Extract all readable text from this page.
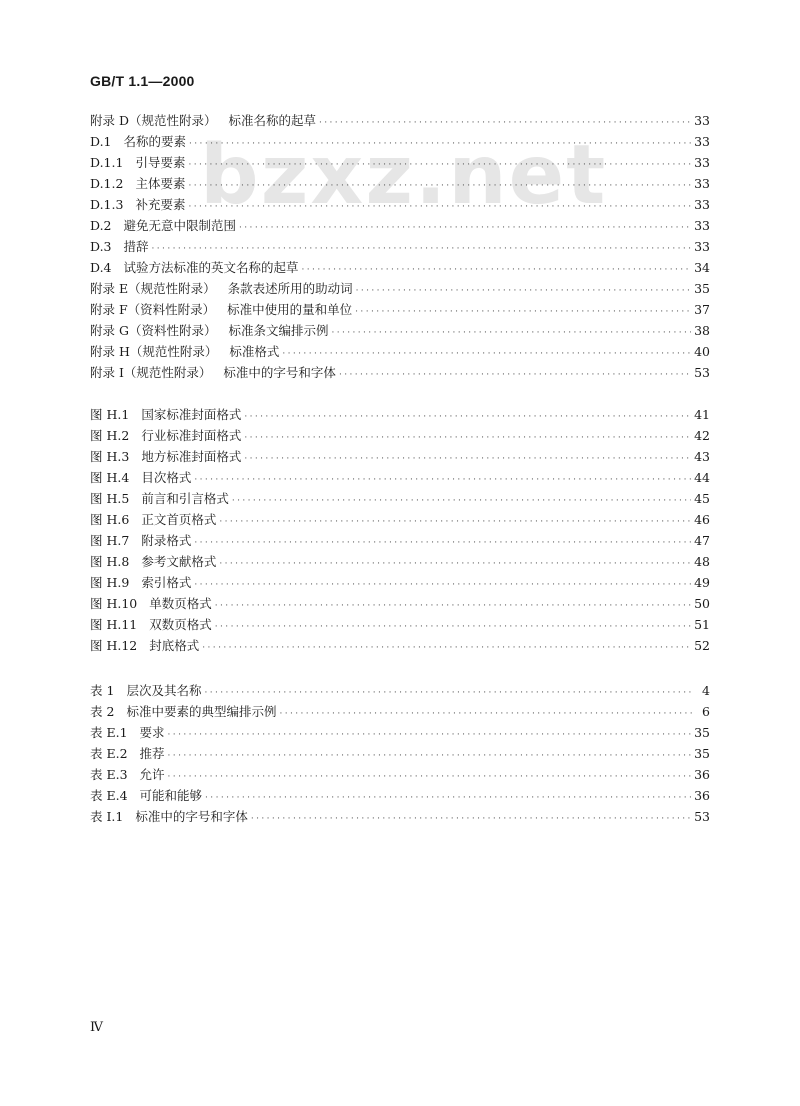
GB/T 1.1—2000
bzxz.net
附录 D（规范性附录） 标准名称的起草 ·····	33
D.1 名称的要素 ·····	33
D.1.1 引导要素 ·····	33
D.1.2 主体要素 ·····	33
D.1.3 补充要素 ·····	33
D.2 避免无意中限制范围 ·····	33
D.3 措辞 ·····	33
D.4 试验方法标准的英文名称的起草 ·····	34
附录 E（规范性附录） 条款表述所用的助动词 ·····	35
附录 F（资料性附录） 标准中使用的量和单位 ·····	37
附录 G（资料性附录） 标准条文编排示例 ·····	38
附录 H（规范性附录） 标准格式 ·····	40
附录 I（规范性附录） 标准中的字号和字体 ·····	53
图 H.1 国家标准封面格式 ·····	41
图 H.2 行业标准封面格式 ·····	42
图 H.3 地方标准封面格式 ·····	43
图 H.4 目次格式 ·····	44
图 H.5 前言和引言格式 ·····	45
图 H.6 正文首页格式 ·····	46
图 H.7 附录格式 ·····	47
图 H.8 参考文献格式 ·····	48
图 H.9 索引格式 ·····	49
图 H.10 单数页格式 ·····	50
图 H.11 双数页格式 ·····	51
图 H.12 封底格式 ·····	52
表 1 层次及其名称 ·····	4
表 2 标准中要素的典型编排示例 ·····	6
表 E.1 要求 ·····	35
表 E.2 推荐 ·····	35
表 E.3 允许 ·····	36
表 E.4 可能和能够 ·····	36
表 I.1 标准中的字号和字体 ·····	53
Ⅳ
